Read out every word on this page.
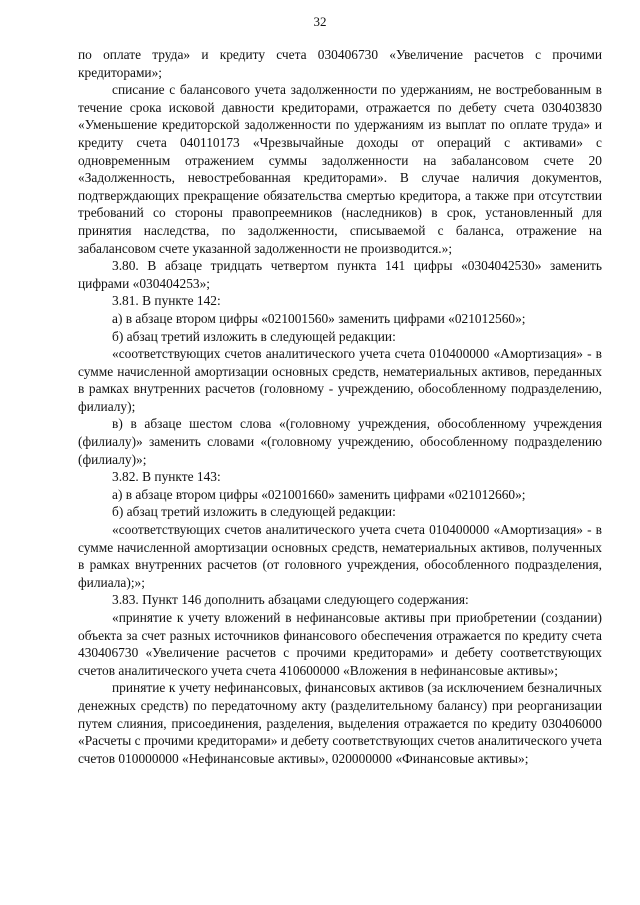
32

по оплате труда» и кредиту счета 030406730 «Увеличение расчетов с прочими кредиторами»;

списание с балансового учета задолженности по удержаниям, не востребованным в течение срока исковой давности кредиторами, отражается по дебету счета 030403830 «Уменьшение кредиторской задолженности по удержаниям из выплат по оплате труда» и кредиту счета 040110173 «Чрезвычайные доходы от операций с активами» с одновременным отражением суммы задолженности на забалансовом счете 20 «Задолженность, невостребованная кредиторами». В случае наличия документов, подтверждающих прекращение обязательства смертью кредитора, а также при отсутствии требований со стороны правопреемников (наследников) в срок, установленный для принятия наследства, по задолженности, списываемой с баланса, отражение на забалансовом счете указанной задолженности не производится.»;

3.80. В абзаце тридцать четвертом пункта 141 цифры «0304042530» заменить цифрами «030404253»;

3.81. В пункте 142:

а) в абзаце втором цифры «021001560» заменить цифрами «021012560»;

б) абзац третий изложить в следующей редакции:

«соответствующих счетов аналитического учета счета 010400000 «Амортизация» - в сумме начисленной амортизации основных средств, нематериальных активов, переданных в рамках внутренних расчетов (головному - учреждению, обособленному подразделению, филиалу);

в) в абзаце шестом слова «(головному учреждения, обособленному учреждения (филиалу)» заменить словами «(головному учреждению, обособленному подразделению (филиалу)»;

3.82. В пункте 143:

а) в абзаце втором цифры «021001660» заменить цифрами «021012660»;

б) абзац третий изложить в следующей редакции:

«соответствующих счетов аналитического учета счета 010400000 «Амортизация» - в сумме начисленной амортизации основных средств, нематериальных активов, полученных в рамках внутренних расчетов (от головного учреждения, обособленного подразделения, филиала);»;

3.83. Пункт 146 дополнить абзацами следующего содержания:

«принятие к учету вложений в нефинансовые активы при приобретении (создании) объекта за счет разных источников финансового обеспечения отражается по кредиту счета 430406730 «Увеличение расчетов с прочими кредиторами» и дебету соответствующих счетов аналитического учета счета 410600000 «Вложения в нефинансовые активы»;

принятие к учету нефинансовых, финансовых активов (за исключением безналичных денежных средств) по передаточному акту (разделительному балансу) при реорганизации путем слияния, присоединения, разделения, выделения отражается по кредиту 030406000 «Расчеты с прочими кредиторами» и дебету соответствующих счетов аналитического учета счетов 010000000 «Нефинансовые активы», 020000000 «Финансовые активы»;
